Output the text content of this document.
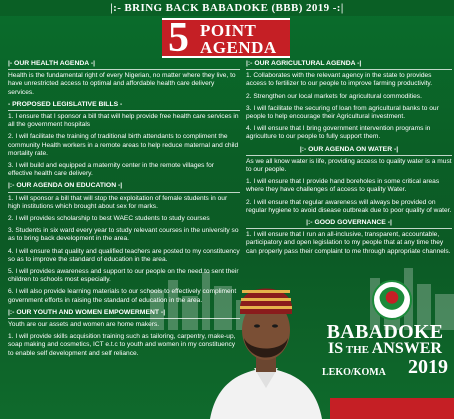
|:- BRING BACK BABADOKE (BBB) 2019 -:|
5 POINT
AGENDA
|- OUR HEALTH AGENDA -|
Health is the fundamental right of every Nigerian, no matter where they live, to have unrestricted access to optimal and affordable health care delivery services.
- PROPOSED LEGISLATIVE BILLS -
1. I ensure that I sponsor a bill that will help provide free health care services in all the government hospitals
2. I will facilitate the training of traditional birth attendants to compliment the community Health workers in a remote areas to help reduce maternal and child mortality rate.
3. I will build and equipped a maternity center in the remote villages for effective health care delivery.
|:- OUR AGENDA ON EDUCATION -|
1. I will sponsor a bill that will stop the exploitation of female students in our high institutions which brought about sex for marks.
2. I will provides scholarship to best WAEC students to study courses
3. Students in six ward every year to study relevant courses in the university so as to bring back development in the area.
4. I will ensure that quality and qualified teachers are posted to my constituency so as to improve the standard of education in the area.
5. I will provides awareness and support to our people on the need to sent their children to schools most especially.
6. I will also provide learning materials to our schools to effectively compliment government efforts in raising the standard of education in the area.
|:- OUR YOUTH AND WOMEN EMPOWERMENT -|
Youth are our assets and women are home makers.
1. I will provide skills acquisition training such as tailoring, carpentry, make-up, soap making and cosmetics, ICT e.t.c to youth and women in my constituency to enable self development and self reliance.
|:- OUR AGRICULTURAL AGENDA -|
1. Collaborates with the relevant agency in the state to provides access to fertilizer to our people to improve farming productivity.
2. Strengthen our local markets for agricultural commodities.
3. I will facilitate the securing of loan from agricultural banks to our people to help encourage their Agricultural investment.
4. I will ensure that I bring government intervention programs in agriculture to our people to fully support them.
|:- OUR AGENDA ON WATER -|
As we all know water is life, providing access to quality water is a must to our people.
1. I will ensure that I provide hand boreholes in some critical areas where they have challenges of access to quality Water.
2. I will ensure that regular awareness will always be provided on regular hygiene to avoid disease outbreak due to poor quality of water.
|:- GOOD GOVERNANCE -|
1. I will ensure that I run an all-inclusive, transparent, accountable, participatory and open legislation to my people that at any time they can properly pass their complaint to me through appropriate channels.
BABADOKE
IS THE ANSWER
LEKO/KOMA 2019
